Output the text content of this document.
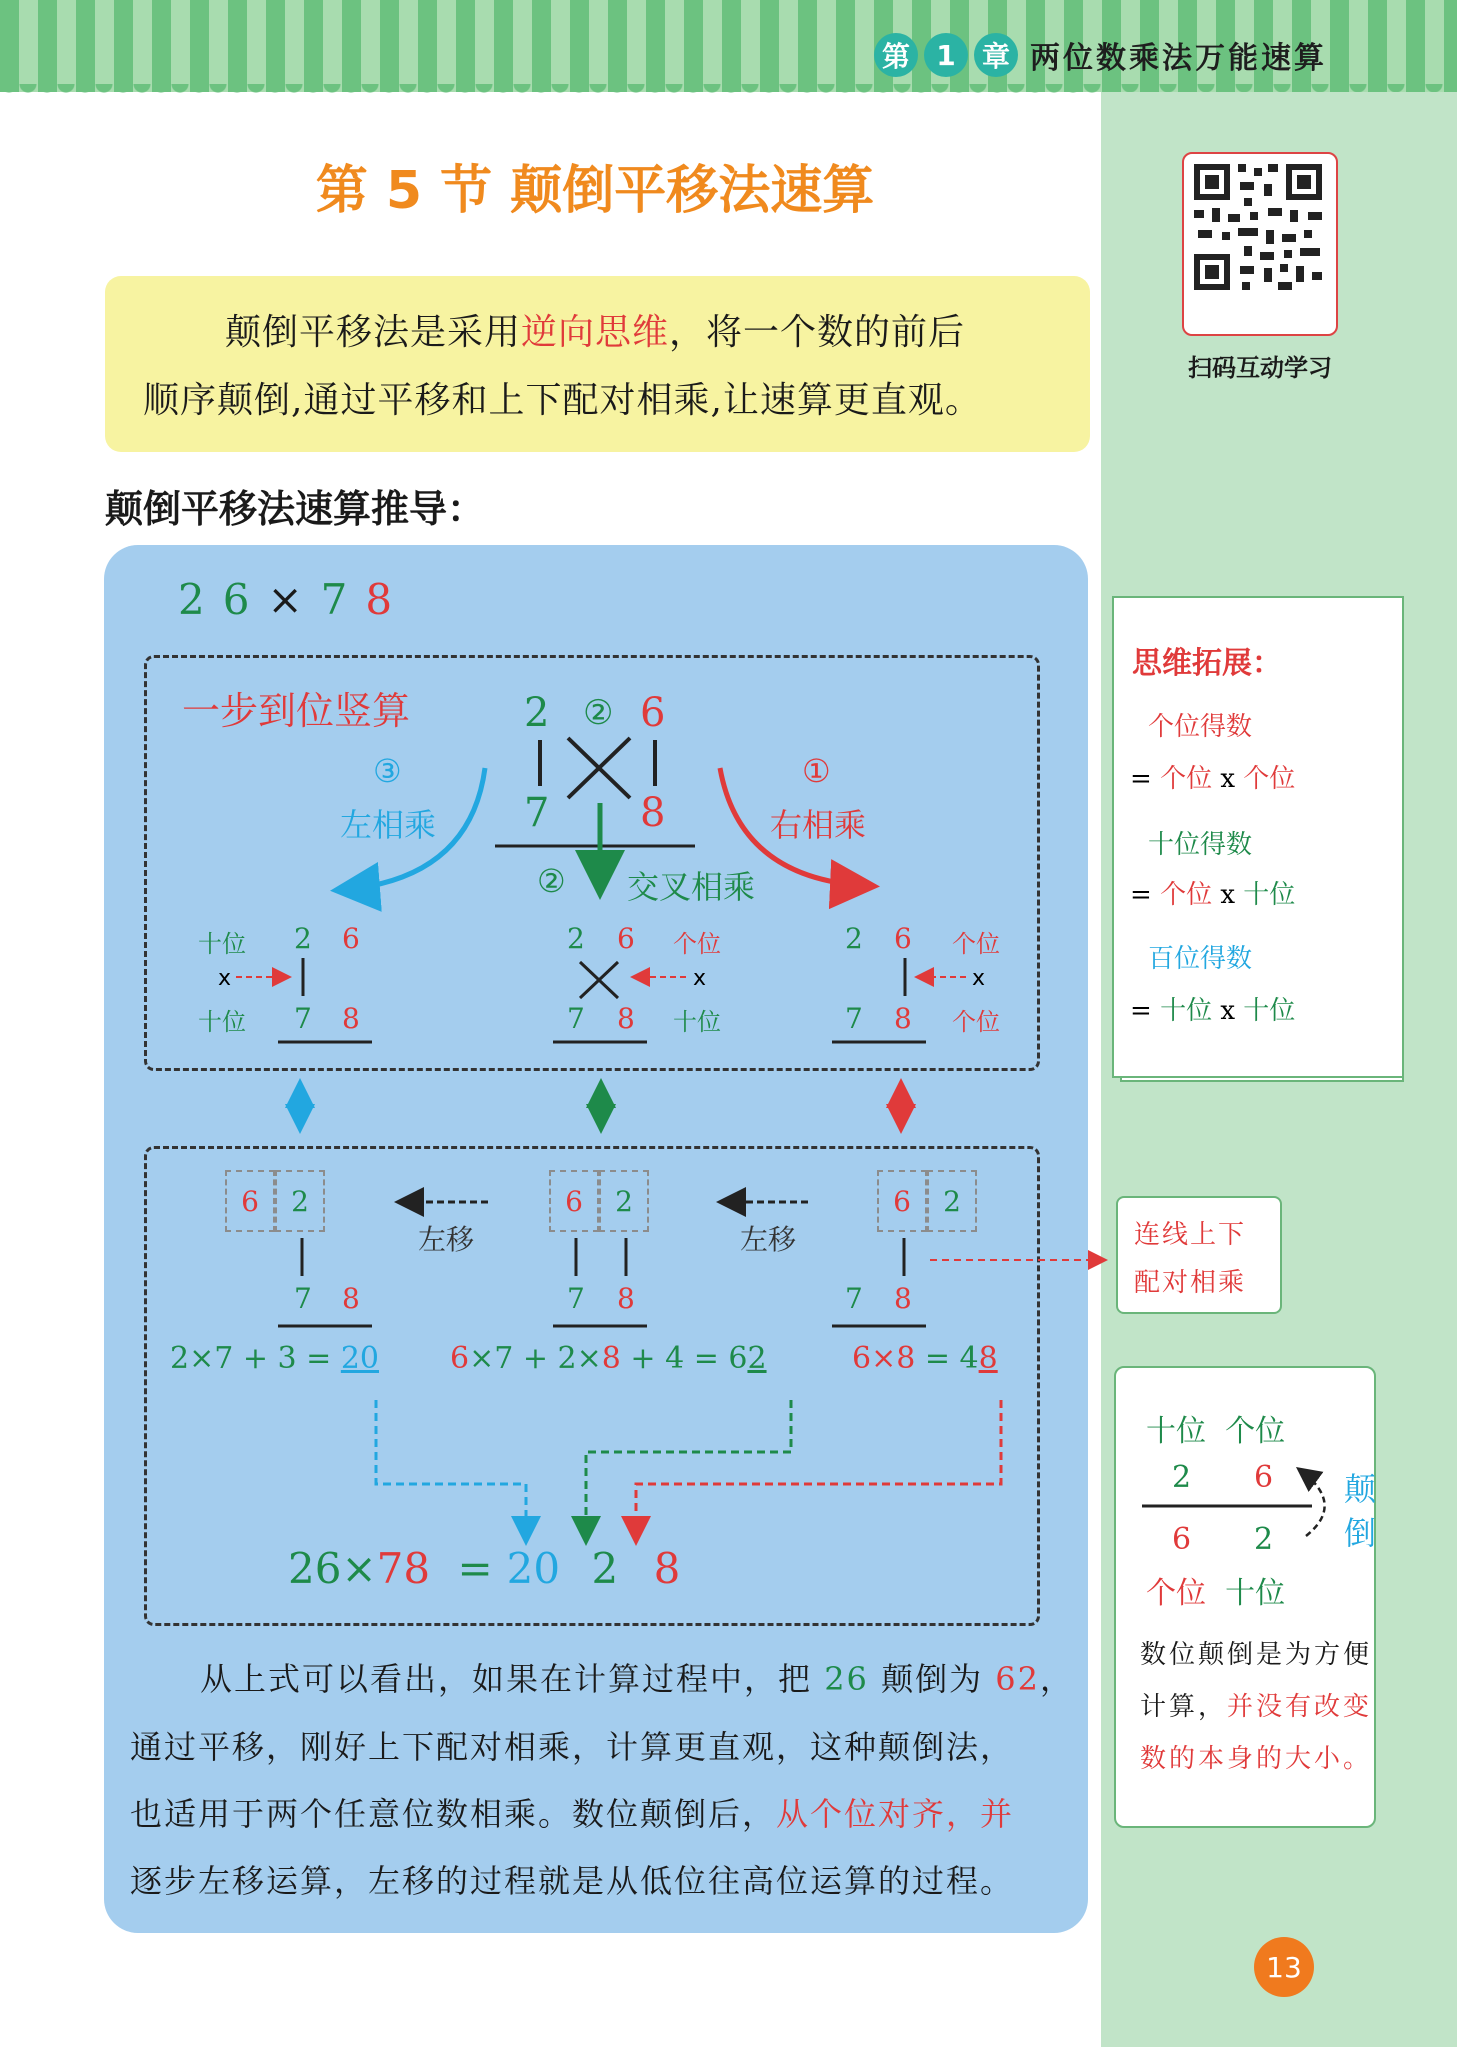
第 1 章 两位数乘法万能速算
第 5 节 颠倒平移法速算
扫码互动学习

颠倒平移法是采用逆向思维，将一个数的前后

顺序颠倒,通过平移和上下配对相乘,让速算更直观。

颠倒平移法速算推导：
26×78
一步到位竖算	2 ② 6
7 8
③
左相乘
①
右相乘
② 交叉相乘
十位
x
十位
2 6
7 8
2 6
7 8
个位
x
十位
2 6
7 8
个位
x
个位
6	2	6	2	6	2
左移	左移
7 8	7 8	7 8
2×7 + 3 = 20 6×7 + 2×8 + 4 = 62	6×8 = 48
26×78 = 20 2 8
从上式可以看出，如果在计算过程中，把 26 颠倒为 62，
通过平移，刚好上下配对相乘，计算更直观，这种颠倒法，
也适用于两个任意位数相乘。数位颠倒后，从个位对齐，并
逐步左移运算，左移的过程就是从低位往高位运算的过程。
思维拓展：
个位得数
= 个位 x 个位
十位得数
= 个位 x 十位
百位得数
= 十位 x 十位
连线上下
配对相乘
十位 个位
2 6
6 2
个位 十位
颠
倒
数位颠倒是为方便
计算，并没有改变
数的本身的大小。
13
